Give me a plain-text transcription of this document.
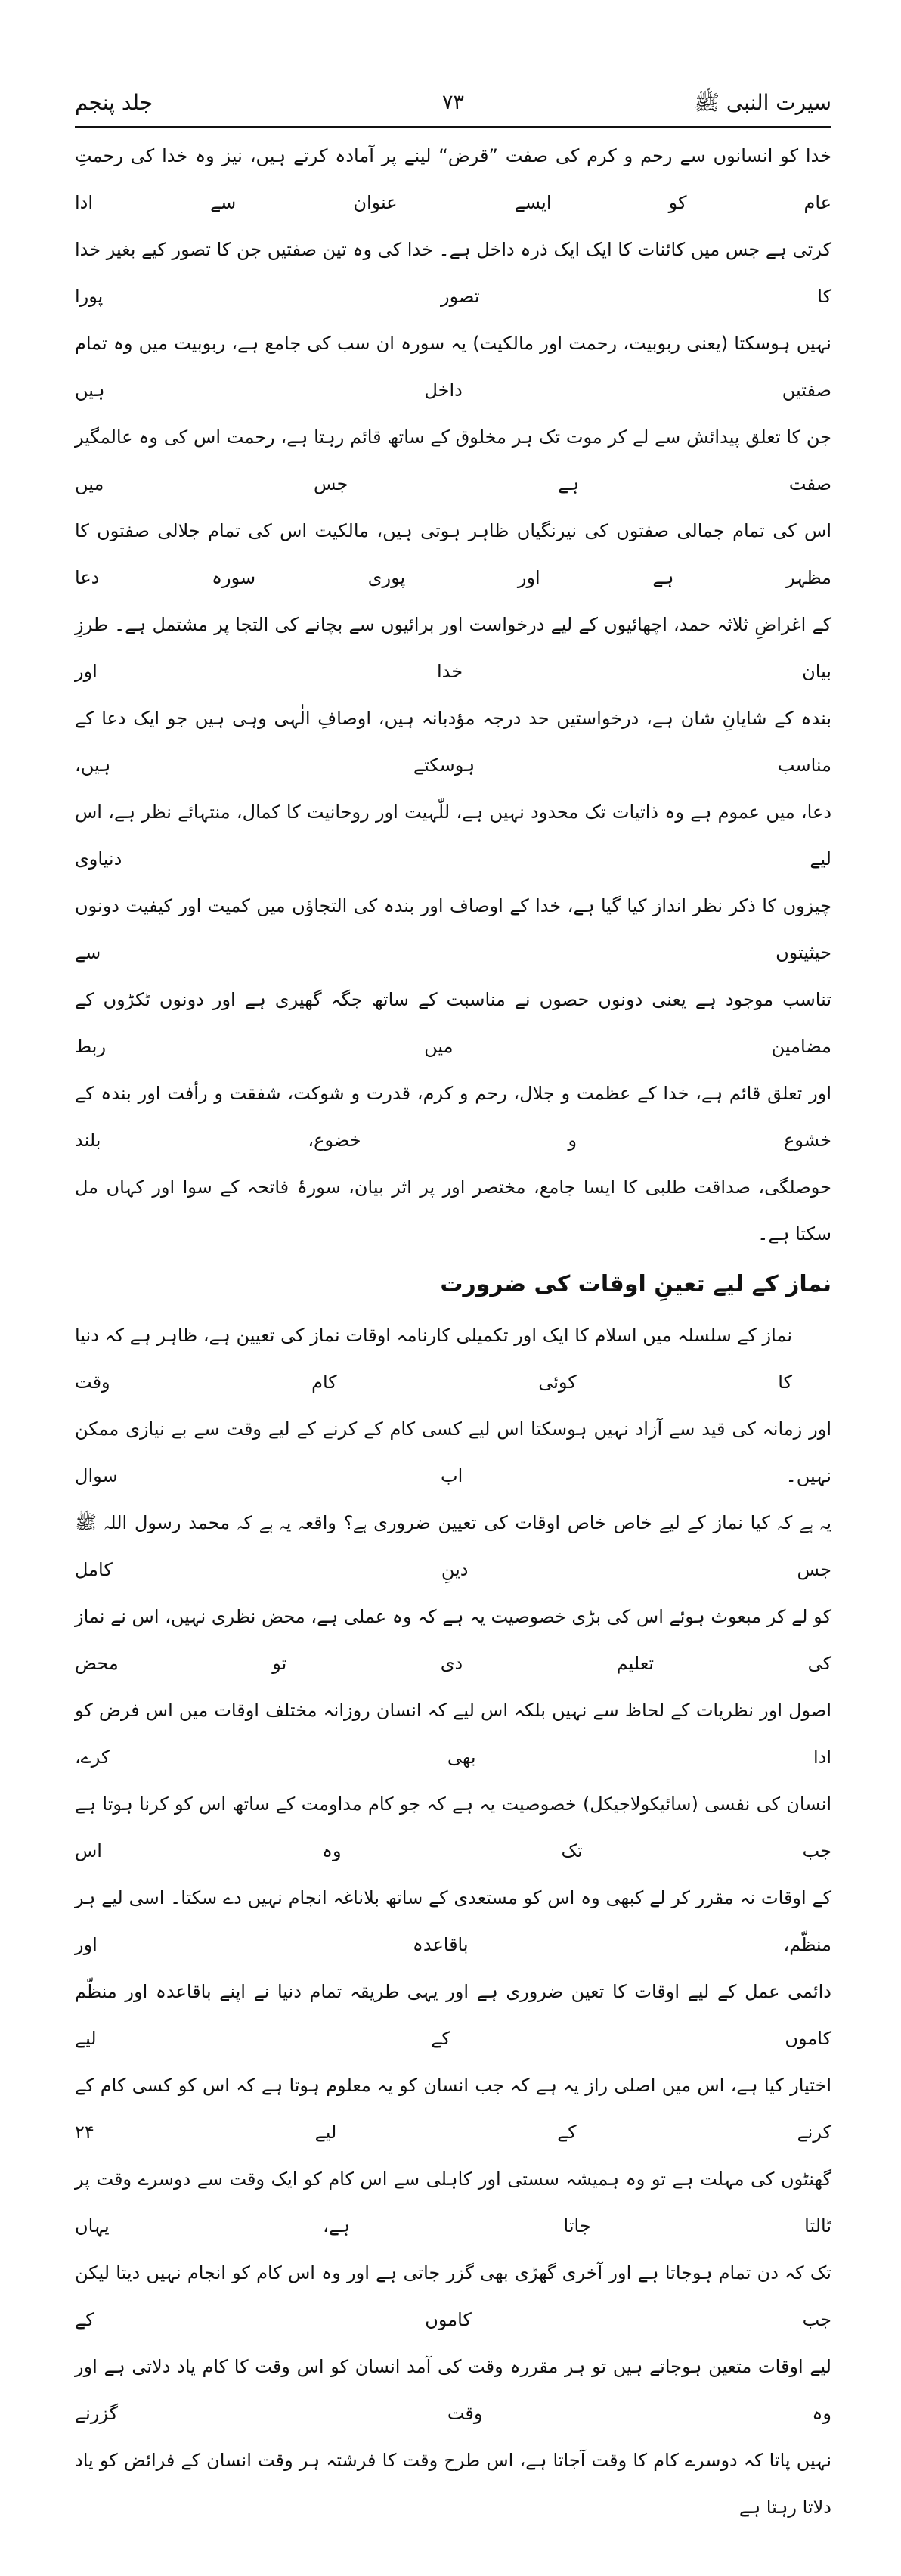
سیرت النبی ﷺ
۷۳
جلد پنجم
خدا کو انسانوں سے رحم و کرم کی صفت ”قرض“ لینے پر آمادہ کرتے ہیں، نیز وہ خدا کی رحمتِ عام کو ایسے عنوان سے ادا
کرتی ہے جس میں کائنات کا ایک ایک ذرہ داخل ہے۔ خدا کی وہ تین صفتیں جن کا تصور کیے بغیر خدا کا تصور پورا
نہیں ہوسکتا (یعنی ربوبیت، رحمت اور مالکیت) یہ سورہ ان سب کی جامع ہے، ربوبیت میں وہ تمام صفتیں داخل ہیں
جن کا تعلق پیدائش سے لے کر موت تک ہر مخلوق کے ساتھ قائم رہتا ہے، رحمت اس کی وہ عالمگیر صفت ہے جس میں
اس کی تمام جمالی صفتوں کی نیرنگیاں ظاہر ہوتی ہیں، مالکیت اس کی تمام جلالی صفتوں کا مظہر ہے اور پوری سورہ دعا
کے اغراضِ ثلاثہ حمد، اچھائیوں کے لیے درخواست اور برائیوں سے بچانے کی التجا پر مشتمل ہے۔ طرزِ بیان خدا اور
بندہ کے شایانِ شان ہے، درخواستیں حد درجہ مؤدبانہ ہیں، اوصافِ الٰہی وہی ہیں جو ایک دعا کے مناسب ہوسکتے ہیں،
دعا، میں عموم ہے وہ ذاتیات تک محدود نہیں ہے، للّٰہیت اور روحانیت کا کمال، منتہائے نظر ہے، اس لیے دنیاوی
چیزوں کا ذکر نظر انداز کیا گیا ہے، خدا کے اوصاف اور بندہ کی التجاؤں میں کمیت اور کیفیت دونوں حیثیتوں سے
تناسب موجود ہے یعنی دونوں حصوں نے مناسبت کے ساتھ جگہ گھیری ہے اور دونوں ٹکڑوں کے مضامین میں ربط
اور تعلق قائم ہے، خدا کے عظمت و جلال، رحم و کرم، قدرت و شوکت، شفقت و رأفت اور بندہ کے خشوع و خضوع، بلند
حوصلگی، صداقت طلبی کا ایسا جامع، مختصر اور پر اثر بیان، سورۂ فاتحہ کے سوا اور کہاں مل سکتا ہے۔
نماز کے لیے تعینِ اوقات کی ضرورت
نماز کے سلسلہ میں اسلام کا ایک اور تکمیلی کارنامہ اوقات نماز کی تعیین ہے، ظاہر ہے کہ دنیا کا کوئی کام وقت
اور زمانہ کی قید سے آزاد نہیں ہوسکتا اس لیے کسی کام کے کرنے کے لیے وقت سے بے نیازی ممکن نہیں۔ اب سوال
یہ ہے کہ کیا نماز کے لیے خاص خاص اوقات کی تعیین ضروری ہے؟ واقعہ یہ ہے کہ محمد رسول اللہ ﷺ جس دینِ کامل
کو لے کر مبعوث ہوئے اس کی بڑی خصوصیت یہ ہے کہ وہ عملی ہے، محض نظری نہیں، اس نے نماز کی تعلیم دی تو محض
اصول اور نظریات کے لحاظ سے نہیں بلکہ اس لیے کہ انسان روزانہ مختلف اوقات میں اس فرض کو ادا بھی کرے،
انسان کی نفسی (سائیکولاجیکل) خصوصیت یہ ہے کہ جو کام مداومت کے ساتھ اس کو کرنا ہوتا ہے جب تک وہ اس
کے اوقات نہ مقرر کر لے کبھی وہ اس کو مستعدی کے ساتھ بلاناغہ انجام نہیں دے سکتا۔ اسی لیے ہر منظّم، باقاعدہ اور
دائمی عمل کے لیے اوقات کا تعین ضروری ہے اور یہی طریقہ تمام دنیا نے اپنے باقاعدہ اور منظّم کاموں کے لیے
اختیار کیا ہے، اس میں اصلی راز یہ ہے کہ جب انسان کو یہ معلوم ہوتا ہے کہ اس کو کسی کام کے کرنے کے لیے ۲۴
گھنٹوں کی مہلت ہے تو وہ ہمیشہ سستی اور کاہلی سے اس کام کو ایک وقت سے دوسرے وقت پر ٹالتا جاتا ہے، یہاں
تک کہ دن تمام ہوجاتا ہے اور آخری گھڑی بھی گزر جاتی ہے اور وہ اس کام کو انجام نہیں دیتا لیکن جب کاموں کے
لیے اوقات متعین ہوجاتے ہیں تو ہر مقررہ وقت کی آمد انسان کو اس وقت کا کام یاد دلاتی ہے اور وہ وقت گزرنے
نہیں پاتا کہ دوسرے کام کا وقت آجاتا ہے، اس طرح وقت کا فرشتہ ہر وقت انسان کے فرائض کو یاد دلاتا رہتا ہے
